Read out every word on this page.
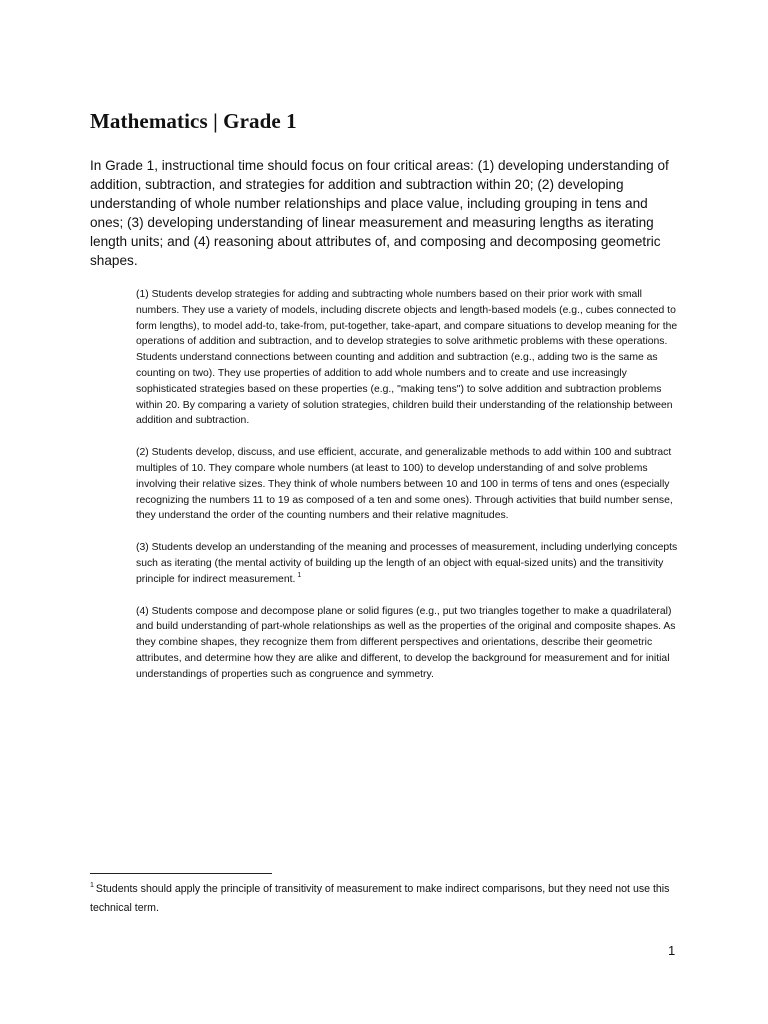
Mathematics | Grade 1

In Grade 1, instructional time should focus on four critical areas: (1) developing understanding of addition, subtraction, and strategies for addition and subtraction within 20; (2) developing understanding of whole number relationships and place value, including grouping in tens and ones; (3) developing understanding of linear measurement and measuring lengths as iterating length units; and (4) reasoning about attributes of, and composing and decomposing geometric shapes.

(1) Students develop strategies for adding and subtracting whole numbers based on their prior work with small numbers. They use a variety of models, including discrete objects and length-based models (e.g., cubes connected to form lengths), to model add-to, take-from, put-together, take-apart, and compare situations to develop meaning for the operations of addition and subtraction, and to develop strategies to solve arithmetic problems with these operations. Students understand connections between counting and addition and subtraction (e.g., adding two is the same as counting on two). They use properties of addition to add whole numbers and to create and use increasingly sophisticated strategies based on these properties (e.g., "making tens") to solve addition and subtraction problems within 20. By comparing a variety of solution strategies, children build their understanding of the relationship between addition and subtraction.

(2) Students develop, discuss, and use efficient, accurate, and generalizable methods to add within 100 and subtract multiples of 10. They compare whole numbers (at least to 100) to develop understanding of and solve problems involving their relative sizes. They think of whole numbers between 10 and 100 in terms of tens and ones (especially recognizing the numbers 11 to 19 as composed of a ten and some ones). Through activities that build number sense, they understand the order of the counting numbers and their relative magnitudes.

(3) Students develop an understanding of the meaning and processes of measurement, including underlying concepts such as iterating (the mental activity of building up the length of an object with equal-sized units) and the transitivity principle for indirect measurement. $^1$

(4) Students compose and decompose plane or solid figures (e.g., put two triangles together to make a quadrilateral) and build understanding of part-whole relationships as well as the properties of the original and composite shapes. As they combine shapes, they recognize them from different perspectives and orientations, describe their geometric attributes, and determine how they are alike and different, to develop the background for measurement and for initial understandings of properties such as congruence and symmetry.

$^1$ Students should apply the principle of transitivity of measurement to make indirect comparisons, but they need not use this technical term.

1
